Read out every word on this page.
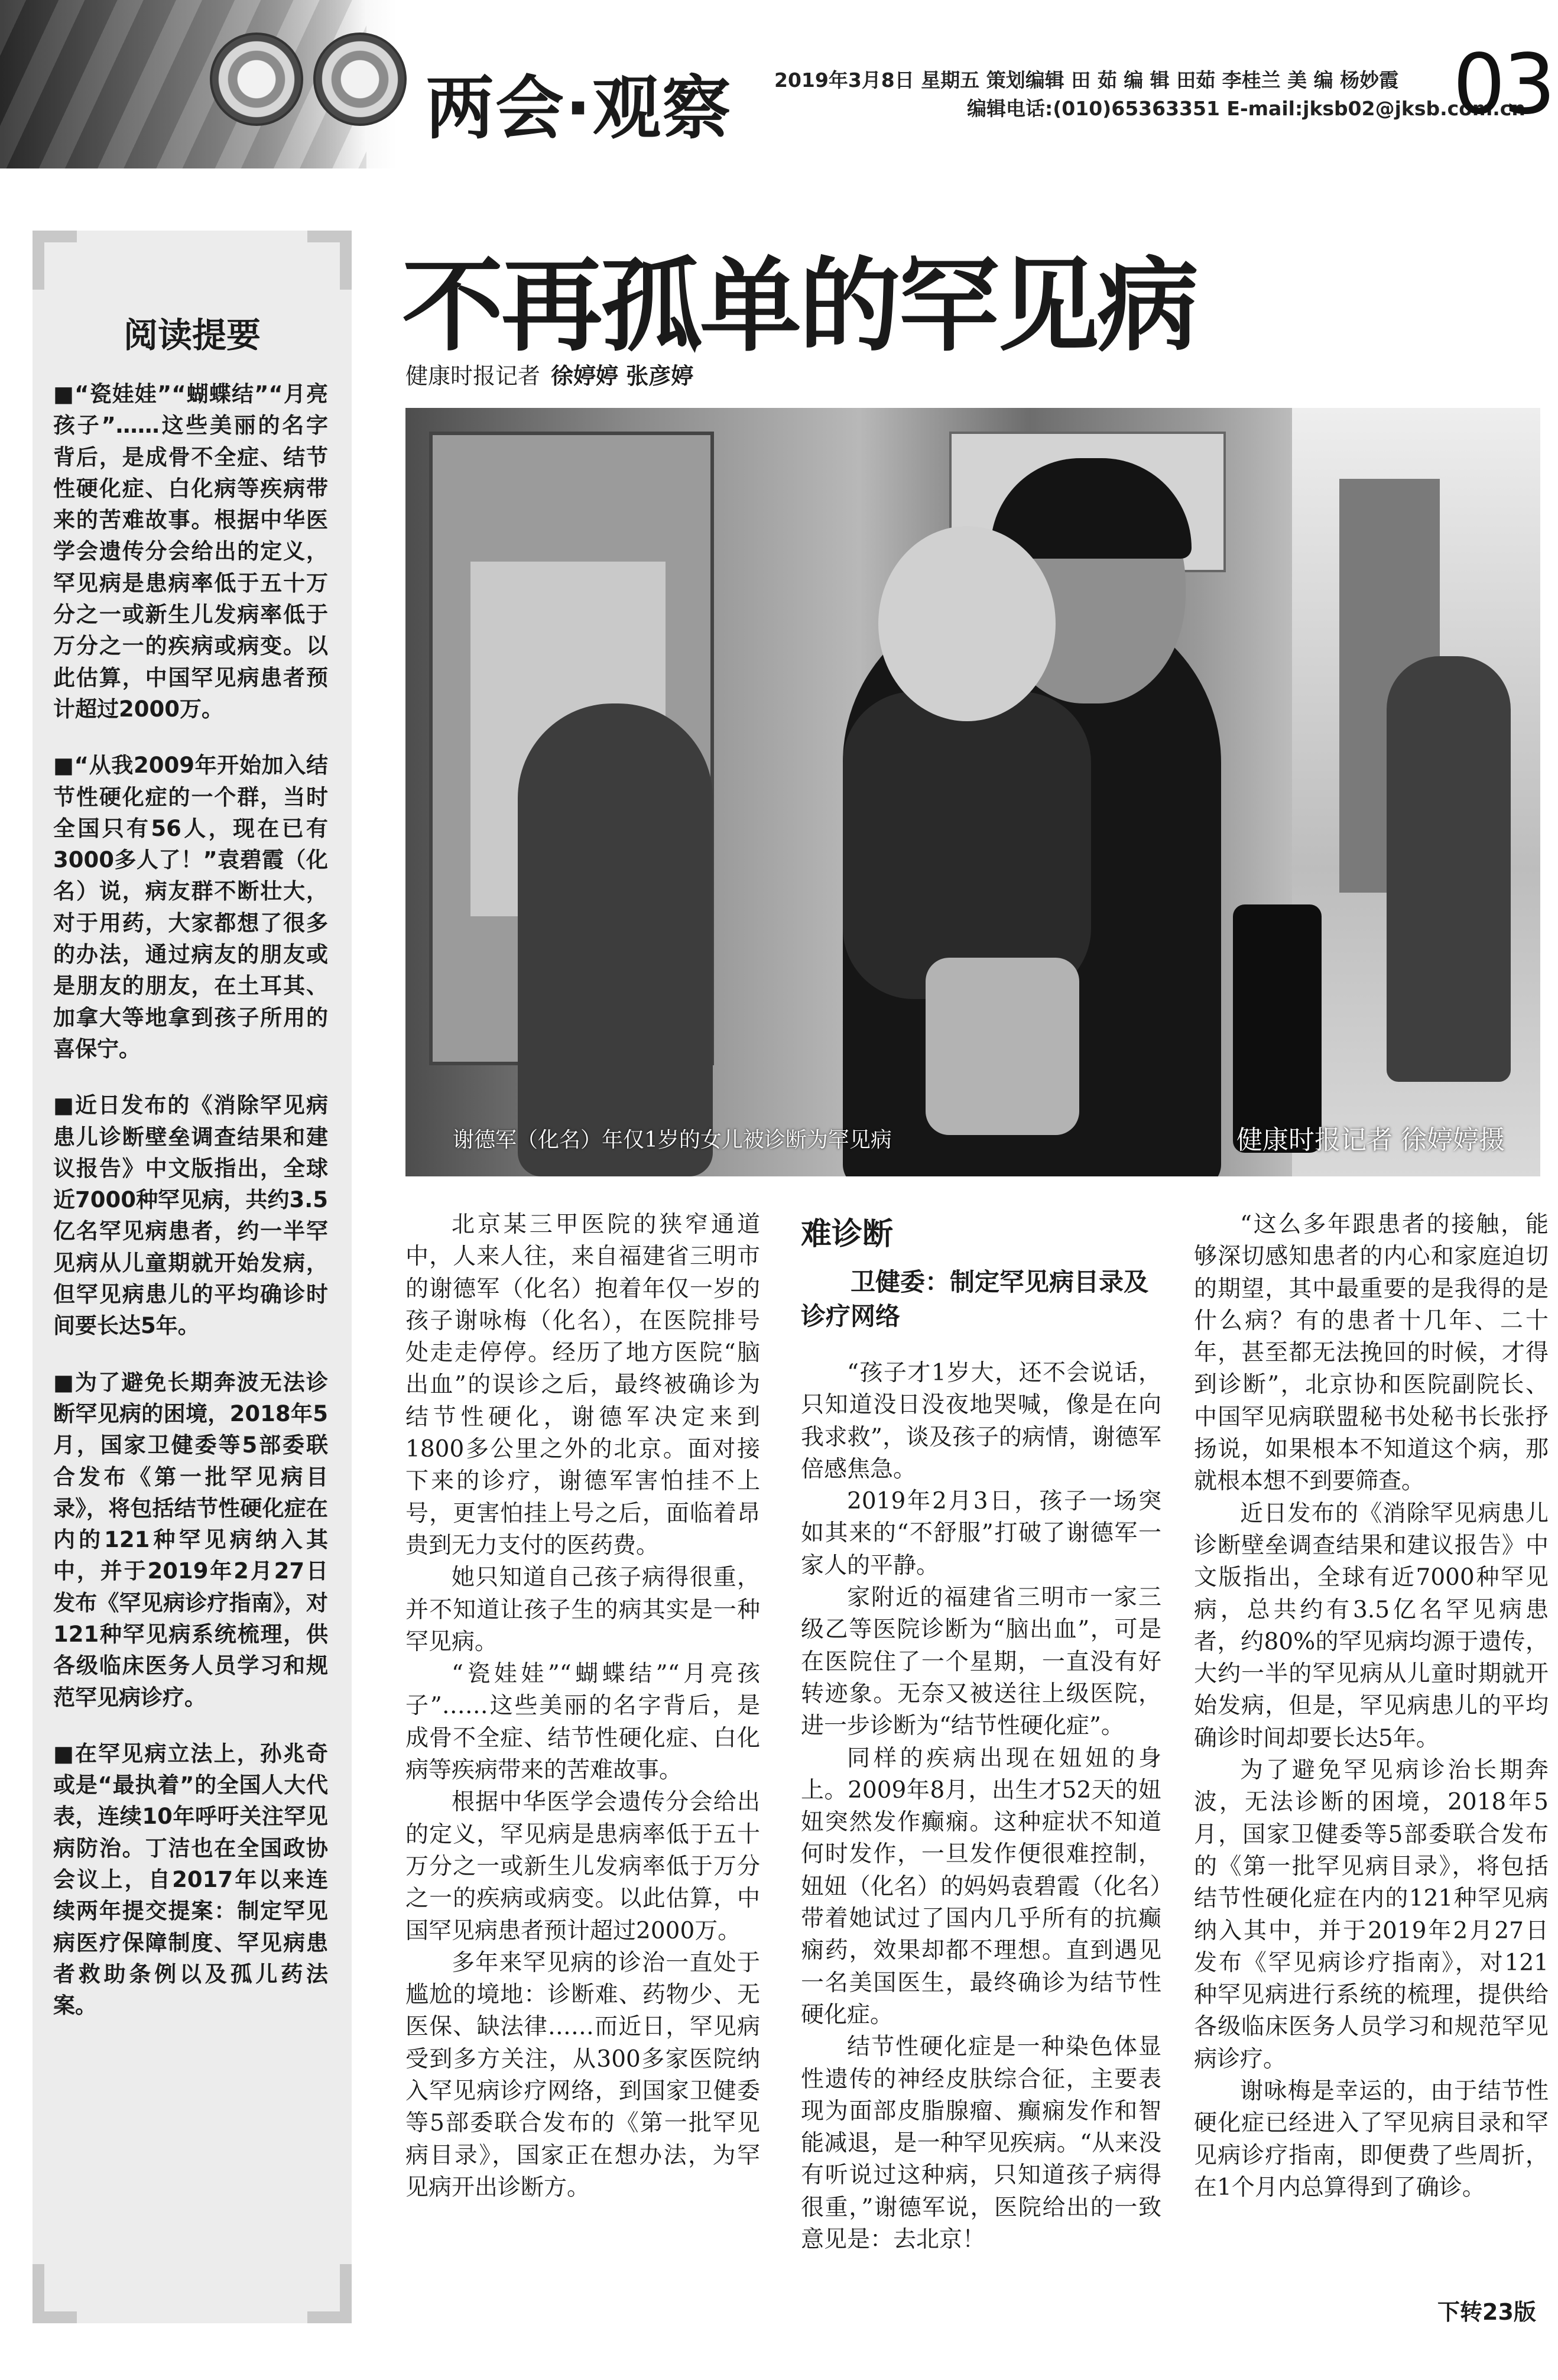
两会·观察 2019年3月8日 星期五 策划编辑 田 茹 编 辑 田茹 李桂兰 美 编 杨妙霞
编辑电话:(010)65363351 E-mail:jksb02@jksb.com.cn
03
阅读提要

■“瓷娃娃”“蝴蝶结”“月亮孩子”……这些美丽的名字背后，是成骨不全症、结节性硬化症、白化病等疾病带来的苦难故事。根据中华医学会遗传分会给出的定义，罕见病是患病率低于五十万分之一或新生儿发病率低于万分之一的疾病或病变。以此估算，中国罕见病患者预计超过2000万。

■“从我2009年开始加入结节性硬化症的一个群，当时全国只有56人，现在已有3000多人了！”袁碧霞（化名）说，病友群不断壮大，对于用药，大家都想了很多的办法，通过病友的朋友或是朋友的朋友，在土耳其、加拿大等地拿到孩子所用的喜保宁。

■近日发布的《消除罕见病患儿诊断壁垒调查结果和建议报告》中文版指出，全球近7000种罕见病，共约3.5亿名罕见病患者，约一半罕见病从儿童期就开始发病，但罕见病患儿的平均确诊时间要长达5年。

■为了避免长期奔波无法诊断罕见病的困境，2018年5月，国家卫健委等5部委联合发布《第一批罕见病目录》，将包括结节性硬化症在内的121种罕见病纳入其中，并于2019年2月27日发布《罕见病诊疗指南》，对121种罕见病系统梳理，供各级临床医务人员学习和规范罕见病诊疗。

■在罕见病立法上，孙兆奇或是“最执着”的全国人大代表，连续10年呼吁关注罕见病防治。丁洁也在全国政协会议上，自2017年以来连续两年提交提案：制定罕见病医疗保障制度、罕见病患者救助条例以及孤儿药法案。

不再孤单的罕见病
健康时报记者 徐婷婷 张彦婷
谢德军（化名）年仅1岁的女儿被诊断为罕见病	健康时报记者 徐婷婷摄

北京某三甲医院的狭窄通道中，人来人往，来自福建省三明市的谢德军（化名）抱着年仅一岁的孩子谢咏梅（化名），在医院排号处走走停停。经历了地方医院“脑出血”的误诊之后，最终被确诊为结节性硬化，谢德军决定来到1800多公里之外的北京。面对接下来的诊疗，谢德军害怕挂不上号，更害怕挂上号之后，面临着昂贵到无力支付的医药费。

她只知道自己孩子病得很重，并不知道让孩子生的病其实是一种罕见病。

“瓷娃娃”“蝴蝶结”“月亮孩子”……这些美丽的名字背后，是成骨不全症、结节性硬化症、白化病等疾病带来的苦难故事。

根据中华医学会遗传分会给出的定义，罕见病是患病率低于五十万分之一或新生儿发病率低于万分之一的疾病或病变。以此估算，中国罕见病患者预计超过2000万。

多年来罕见病的诊治一直处于尴尬的境地：诊断难、药物少、无医保、缺法律……而近日，罕见病受到多方关注，从300多家医院纳入罕见病诊疗网络，到国家卫健委等5部委联合发布的《第一批罕见病目录》，国家正在想办法，为罕见病开出诊断方。

难诊断
卫健委：制定罕见病目录及诊疗网络

“孩子才1岁大，还不会说话，只知道没日没夜地哭喊，像是在向我求救”，谈及孩子的病情，谢德军倍感焦急。

2019年2月3日，孩子一场突如其来的“不舒服”打破了谢德军一家人的平静。

家附近的福建省三明市一家三级乙等医院诊断为“脑出血”，可是在医院住了一个星期，一直没有好转迹象。无奈又被送往上级医院，进一步诊断为“结节性硬化症”。

同样的疾病出现在妞妞的身上。2009年8月，出生才52天的妞妞突然发作癫痫。这种症状不知道何时发作，一旦发作便很难控制，妞妞（化名）的妈妈袁碧霞（化名）带着她试过了国内几乎所有的抗癫痫药，效果却都不理想。直到遇见一名美国医生，最终确诊为结节性硬化症。

结节性硬化症是一种染色体显性遗传的神经皮肤综合征，主要表现为面部皮脂腺瘤、癫痫发作和智能减退，是一种罕见疾病。“从来没有听说过这种病，只知道孩子病得很重，”谢德军说，医院给出的一致意见是：去北京！

“这么多年跟患者的接触，能够深切感知患者的内心和家庭迫切的期望，其中最重要的是我得的是什么病？有的患者十几年、二十年，甚至都无法挽回的时候，才得到诊断”，北京协和医院副院长、中国罕见病联盟秘书处秘书长张抒扬说，如果根本不知道这个病，那就根本想不到要筛查。

近日发布的《消除罕见病患儿诊断壁垒调查结果和建议报告》中文版指出，全球有近7000种罕见病，总共约有3.5亿名罕见病患者，约80%的罕见病均源于遗传，大约一半的罕见病从儿童时期就开始发病，但是，罕见病患儿的平均确诊时间却要长达5年。

为了避免罕见病诊治长期奔波，无法诊断的困境，2018年5月，国家卫健委等5部委联合发布的《第一批罕见病目录》，将包括结节性硬化症在内的121种罕见病纳入其中，并于2019年2月27日发布《罕见病诊疗指南》，对121种罕见病进行系统的梳理，提供给各级临床医务人员学习和规范罕见病诊疗。

谢咏梅是幸运的，由于结节性硬化症已经进入了罕见病目录和罕见病诊疗指南，即便费了些周折，在1个月内总算得到了确诊。

下转23版
